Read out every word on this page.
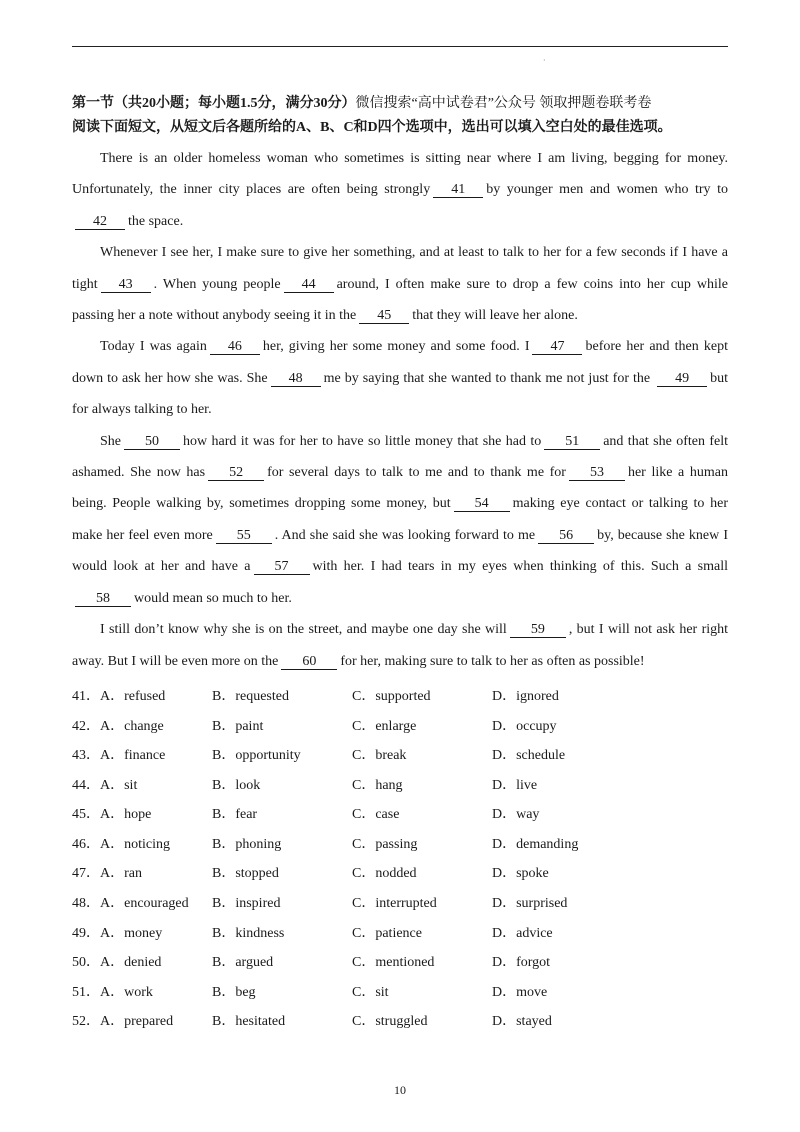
·
第一节（共20小题；每小题1.5分，满分30分）微信搜索“高中试卷君”公众号 领取押题卷联考卷
阅读下面短文，从短文后各题所给的A、B、C和D四个选项中，选出可以填入空白处的最佳选项。

There is an older homeless woman who sometimes is sitting near where I am living, begging for money. Unfortunately, the inner city places are often being strongly 41 by younger men and women who try to 42 the space.

Whenever I see her, I make sure to give her something, and at least to talk to her for a few seconds if I have a tight 43 . When young people 44 around, I often make sure to drop a few coins into her cup while passing her a note without anybody seeing it in the 45 that they will leave her alone.

Today I was again 46 her, giving her some money and some food. I 47 before her and then kept down to ask her how she was. She 48 me by saying that she wanted to thank me not just for the 49 but for always talking to her.

She 50 how hard it was for her to have so little money that she had to 51 and that she often felt ashamed. She now has 52 for several days to talk to me and to thank me for 53 her like a human being. People walking by, sometimes dropping some money, but 54 making eye contact or talking to her make her feel even more 55 . And she said she was looking forward to me 56 by, because she knew I would look at her and have a 57 with her. I had tears in my eyes when thinking of this. Such a small58 would mean so much to her.

I still don’t know why she is on the street, and maybe one day she will 59 , but I will not ask her right away. But I will be even more on the 60 for her, making sure to talk to her as often as possible!

41．A．refused	B．requested	C．supported	D．ignored
42．A．change	B．paint	C．enlarge	D．occupy
43．A．finance	B．opportunity	C．break	D．schedule
44．A．sit	B．look	C．hang	D．live
45．A．hope	B．fear	C．case	D．way
46．A．noticing	B．phoning	C．passing	D．demanding
47．A．ran	B．stopped	C．nodded	D．spoke
48．A．encouraged B．inspired	C．interrupted	D．surprised
49．A．money	B．kindness	C．patience	D．advice
50．A．denied	B．argued	C．mentioned	D．forgot
51．A．work	B．beg	C．sit	D．move
52．A．prepared	B．hesitated	C．struggled	D．stayed
10
